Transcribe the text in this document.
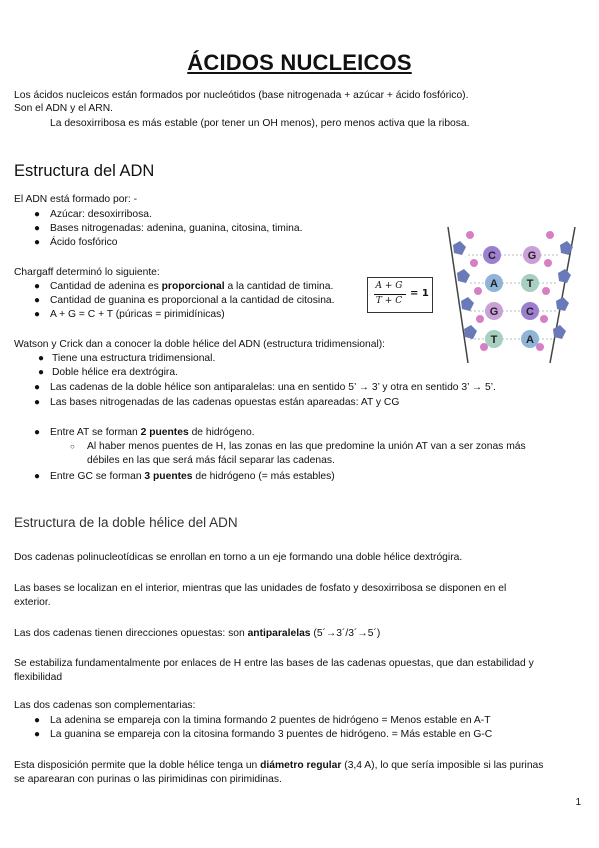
ÁCIDOS NUCLEICOS
Los ácidos nucleicos están formados por nucleótidos (base nitrogenada + azúcar + ácido fosfórico).
Son el ADN y el ARN.
La desoxirribosa es más estable (por tener un OH menos), pero menos activa que la ribosa.
Estructura del ADN
El ADN está formado por: -
● Azúcar: desoxirribosa.
● Bases nitrogenadas: adenina, guanina, citosina, timina.
● Ácido fosfórico
Chargaff determinó lo siguiente:
● Cantidad de adenina es proporcional a la cantidad de timina.
● Cantidad de guanina es proporcional a la cantidad de citosina.
● A + G = C + T (púricas = pirimidínicas)
A + G
T + C
= 1
Watson y Crick dan a conocer la doble hélice del ADN (estructura tridimensional):
● Tiene una estructura tridimensional.
● Doble hélice era dextrógira.
● Las cadenas de la doble hélice son antiparalelas: una en sentido 5’ → 3’ y otra en sentido 3’ → 5’.
● Las bases nitrogenadas de las cadenas opuestas están apareadas: AT y CG
● Entre AT se forman 2 puentes de hidrógeno.
○ Al haber menos puentes de H, las zonas en las que predomine la unión AT van a ser zonas más
débiles en las que será más fácil separar las cadenas.
● Entre GC se forman 3 puentes de hidrógeno (= más estables)
C	G
A	T
G	C
T	A
Estructura de la doble hélice del ADN
Dos cadenas polinucleotídicas se enrollan en torno a un eje formando una doble hélice dextrógira.
Las bases se localizan en el interior, mientras que las unidades de fosfato y desoxirribosa se disponen en el
exterior.
Las dos cadenas tienen direcciones opuestas: son antiparalelas (5´→3´/3´→5´)
Se estabiliza fundamentalmente por enlaces de H entre las bases de las cadenas opuestas, que dan estabilidad y
flexibilidad
Las dos cadenas son complementarias:
● La adenina se empareja con la timina formando 2 puentes de hidrógeno = Menos estable en A-T
● La guanina se empareja con la citosina formando 3 puentes de hidrógeno. = Más estable en G-C
Esta disposición permite que la doble hélice tenga un diámetro regular (3,4 A), lo que sería imposible si las purinas
se aparearan con purinas o las pirimidinas con pirimidinas.
1
